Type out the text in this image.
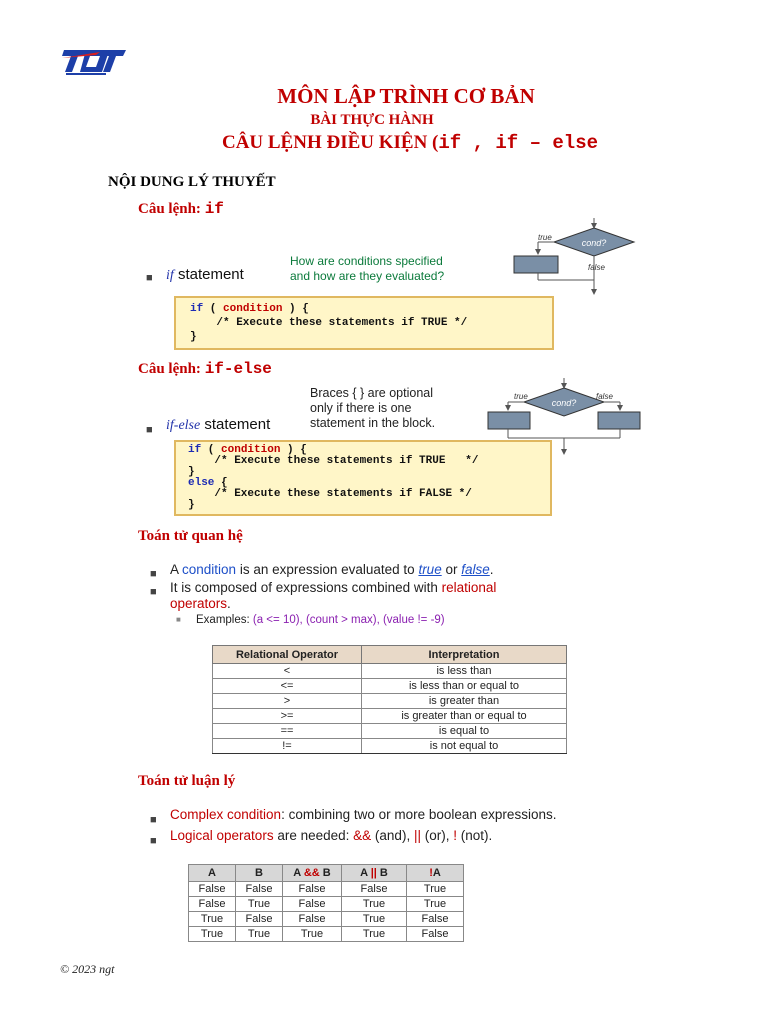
MÔN LẬP TRÌNH CƠ BẢN
BÀI THỰC HÀNH
CÂU LỆNH ĐIỀU KIỆN (if , if – else
NỘI DUNG LÝ THUYẾT
Câu lệnh: if
■ if statement
How are conditions specified
and how are they evaluated?
if ( condition ) {
/* Execute these statements if TRUE */
}
cond?
true
false
Câu lệnh: if-else
Braces { } are optional
only if there is one
statement in the block.
■ if-else statement
if ( condition ) {
/* Execute these statements if TRUE   */
}
else {
/* Execute these statements if FALSE */
}
cond?
true	false
Toán tử quan hệ
■ A condition is an expression evaluated to true or false.
■ It is composed of expressions combined with relational
operators.
■ Examples: (a <= 10), (count > max), (value != -9)
Relational Operator	Interpretation
<	is less than
<=	is less than or equal to
>	is greater than
>=	is greater than or equal to
==	is equal to
!=	is not equal to
Toán tử luận lý
■ Complex condition: combining two or more boolean expressions.
■ Logical operators are needed: && (and), || (or), ! (not).
A	B	A && B	A || B	!A
False	False	False	False	True
False	True	False	True	True
True	False	False	True	False
True	True	True	True	False
© 2023 ngt
